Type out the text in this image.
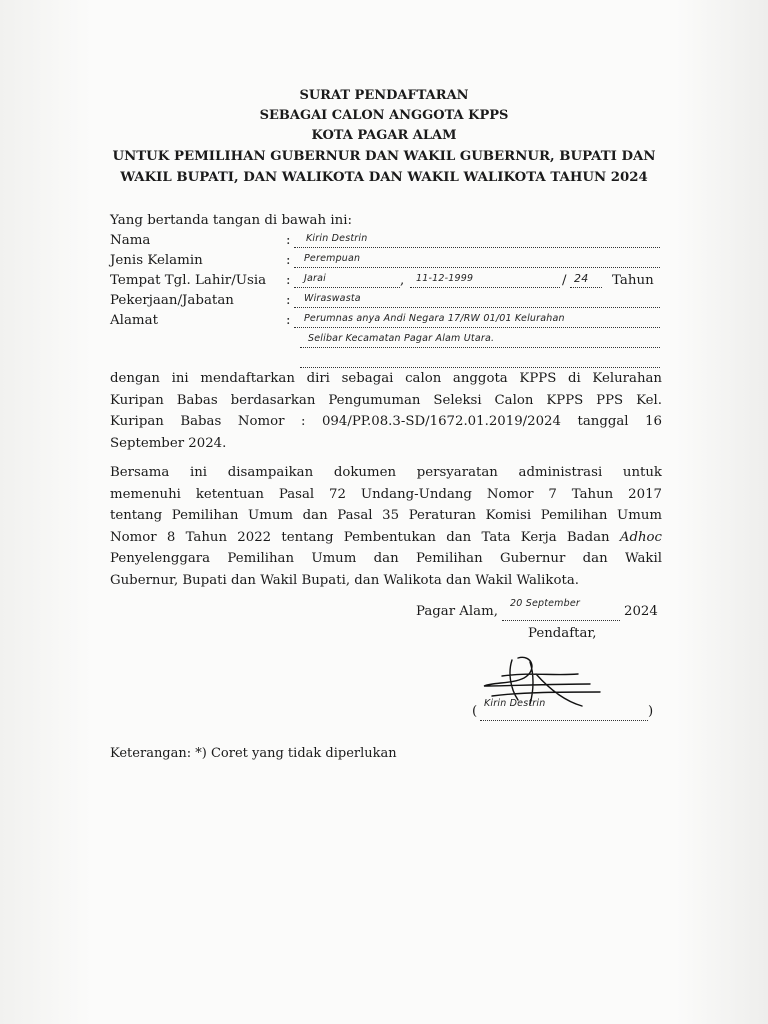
SURAT PENDAFTARAN
SEBAGAI CALON ANGGOTA KPPS
KOTA PAGAR ALAM
UNTUK PEMILIHAN GUBERNUR DAN WAKIL GUBERNUR, BUPATI DAN
WAKIL BUPATI, DAN WALIKOTA DAN WAKIL WALIKOTA TAHUN 2024
Yang bertanda tangan di bawah ini:
Nama	: Kirin Destrin
Jenis Kelamin	: Perempuan
Tempat Tgl. Lahir/Usia : Jarai	, 11-12-1999	/ 24 Tahun
Pekerjaan/Jabatan	: Wiraswasta
Alamat	: Perumnas anya Andi Negara 17/RW 01/01 Kelurahan
Selibar Kecamatan Pagar Alam Utara.
dengan ini mendaftarkan diri sebagai calon anggota KPPS di Kelurahan
Kuripan Babas berdasarkan Pengumuman Seleksi Calon KPPS PPS Kel.
Kuripan Babas Nomor : 094/PP.08.3-SD/1672.01.2019/2024 tanggal 16
September 2024.
Bersama ini disampaikan dokumen persyaratan administrasi untuk
memenuhi ketentuan Pasal 72 Undang-Undang Nomor 7 Tahun 2017
tentang Pemilihan Umum dan Pasal 35 Peraturan Komisi Pemilihan Umum
Nomor 8 Tahun 2022 tentang Pembentukan dan Tata Kerja Badan Adhoc
Penyelenggara Pemilihan Umum dan Pemilihan Gubernur dan Wakil
Gubernur, Bupati dan Wakil Bupati, dan Walikota dan Wakil Walikota.
Pagar Alam,
20 September
2024
Pendaftar,
(
Kirin Destrin
)
Keterangan: *) Coret yang tidak diperlukan
